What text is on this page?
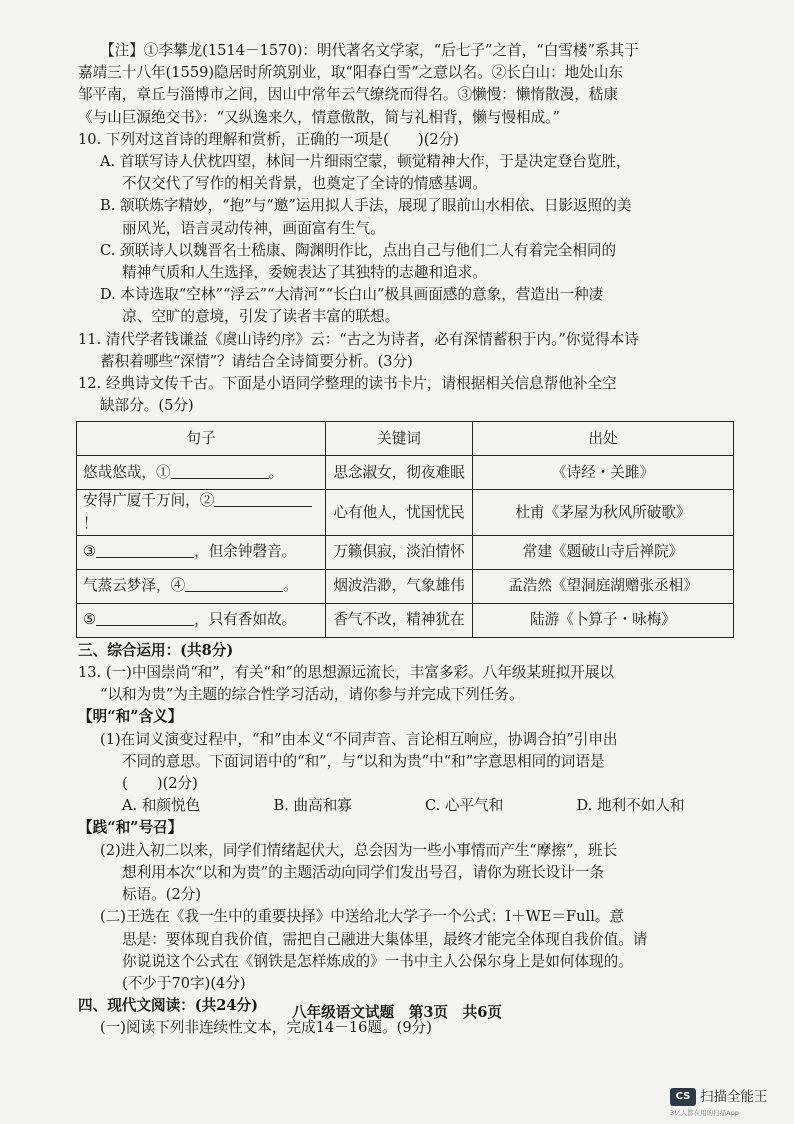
【注】①李攀龙(1514－1570)：明代著名文学家，“后七子”之首，“白雪楼”系其于

嘉靖三十八年(1559)隐居时所筑别业，取“阳春白雪”之意以名。②长白山：地处山东

邹平南，章丘与淄博市之间，因山中常年云气缭绕而得名。③懒慢：懒惰散漫，嵇康

《与山巨源绝交书》：“又纵逸来久，情意傲散，简与礼相背，懒与慢相成。”

10. 下列对这首诗的理解和赏析，正确的一项是(　　)(2分)

A. 首联写诗人伏枕四望，林间一片细雨空蒙，顿觉精神大作，于是决定登台览胜，

不仅交代了写作的相关背景，也奠定了全诗的情感基调。

B. 颔联炼字精妙，“抱”与“邀”运用拟人手法，展现了眼前山水相依、日影返照的美

丽风光，语言灵动传神，画面富有生气。

C. 颈联诗人以魏晋名士嵇康、陶渊明作比，点出自己与他们二人有着完全相同的

精神气质和人生选择，委婉表达了其独特的志趣和追求。

D. 本诗选取“空林”“浮云”“大清河”“长白山”极具画面感的意象，营造出一种凄

凉、空旷的意境，引发了读者丰富的联想。

11. 清代学者钱谦益《虞山诗约序》云：“古之为诗者，必有深情蓄积于内。”你觉得本诗

蓄积着哪些“深情”？请结合全诗简要分析。(3分)

12. 经典诗文传千古。下面是小语同学整理的读书卡片，请根据相关信息帮他补全空

缺部分。(5分)

句子	关键词	出处
悠哉悠哉，① 。	思念淑女，彻夜难眠	《诗经・关雎》
安得广厦千万间，②！	心有他人，忧国忧民	杜甫《茅屋为秋风所破歌》
③ ，但余钟磬音。	万籁俱寂，淡泊情怀	常建《题破山寺后禅院》
气蒸云梦泽，④ 。	烟波浩渺，气象雄伟	孟浩然《望洞庭湖赠张丞相》
⑤ ，只有香如故。	香气不改，精神犹在	陆游《卜算子・咏梅》

三、综合运用：(共8分)

13. (一)中国崇尚“和”，有关“和”的思想源远流长，丰富多彩。八年级某班拟开展以

“以和为贵”为主题的综合性学习活动，请你参与并完成下列任务。

【明“和”含义】

(1)在词义演变过程中，“和”由本义“不同声音、言论相互响应，协调合拍”引申出

不同的意思。下面词语中的“和”，与“以和为贵”中“和”字意思相同的词语是

(　　)(2分)

A. 和颜悦色	B. 曲高和寡	C. 心平气和	D. 地利不如人和

【践“和”号召】

(2)进入初二以来，同学们情绪起伏大，总会因为一些小事情而产生“摩擦”，班长

想利用本次“以和为贵”的主题活动向同学们发出号召，请你为班长设计一条

标语。(2分)

(二)王选在《我一生中的重要抉择》中送给北大学子一个公式：I＋WE＝Full。意

思是：要体现自我价值，需把自己融进大集体里，最终才能完全体现自我价值。请

你说说这个公式在《钢铁是怎样炼成的》一书中主人公保尔身上是如何体现的。

(不少于70字)(4分)

四、现代文阅读：(共24分)

(一)阅读下列非连续性文本，完成14－16题。(9分)

八年级语文试题　第3页　共6页
CS 扫描全能王
3亿人都在用的扫描App
